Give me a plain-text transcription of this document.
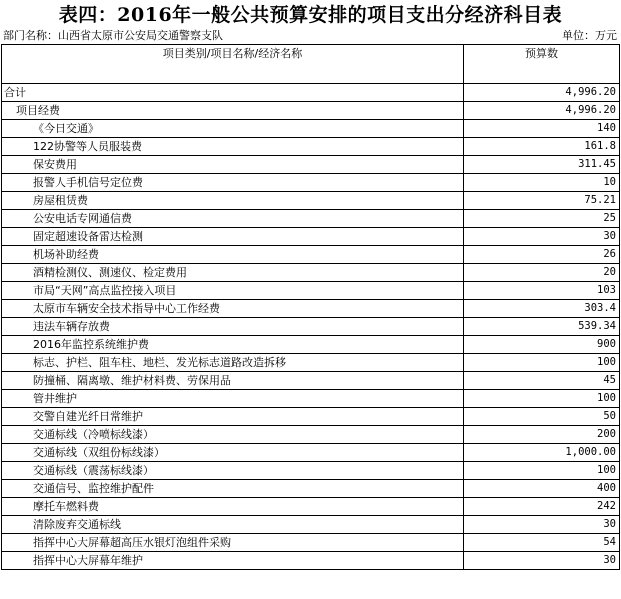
表四：2016年一般公共预算安排的项目支出分经济科目表
部门名称：山西省太原市公安局交通警察支队	单位：万元
项目类别/项目名称/经济名称	预算数
合计	4,996.20
项目经费	4,996.20
《今日交通》	140
122协警等人员服装费	161.8
保安费用	311.45
报警人手机信号定位费	10
房屋租赁费	75.21
公安电话专网通信费	25
固定超速设备雷达检测	30
机场补助经费	26
酒精检测仪、测速仪、检定费用	20
市局“天网”高点监控接入项目	103
太原市车辆安全技术指导中心工作经费	303.4
违法车辆存放费	539.34
2016年监控系统维护费	900
标志、护栏、阻车柱、地栏、发光标志道路改造拆移	100
防撞桶、隔离墩、维护材料费、劳保用品	45
管井维护	100
交警自建光纤日常维护	50
交通标线（冷喷标线漆）	200
交通标线（双组份标线漆）	1,000.00
交通标线（震荡标线漆）	100
交通信号、监控维护配件	400
摩托车燃料费	242
清除废弃交通标线	30
指挥中心大屏幕超高压水银灯泡组件采购	54
指挥中心大屏幕年维护	30
